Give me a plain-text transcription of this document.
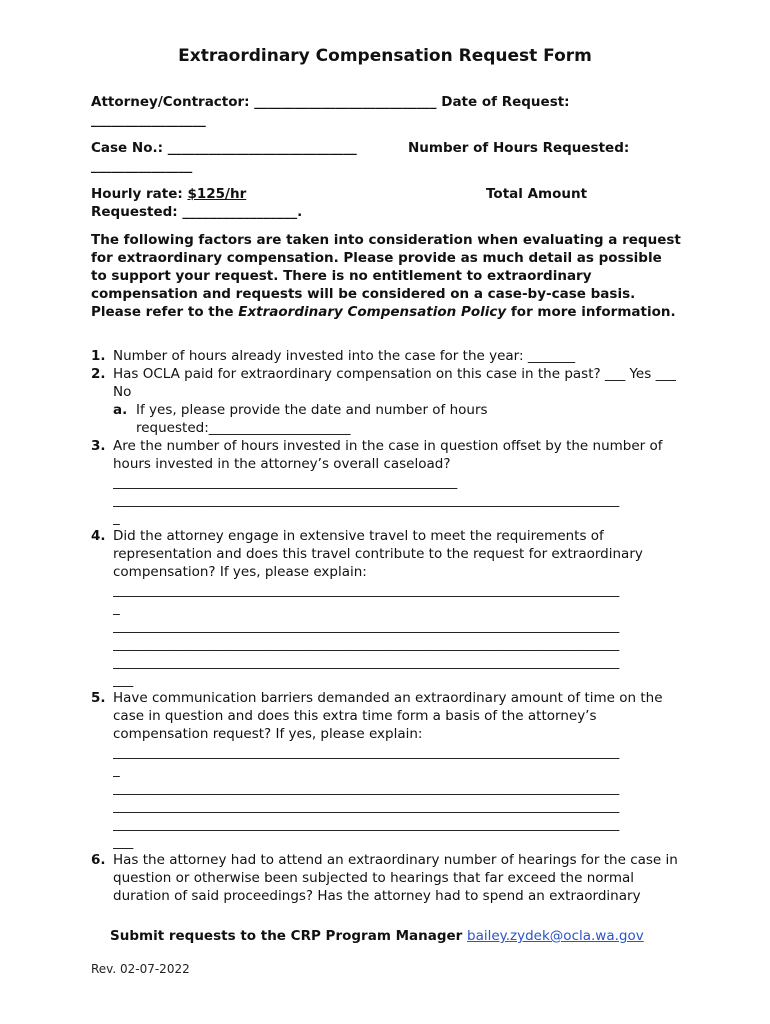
Extraordinary Compensation Request Form
Attorney/Contractor: ___________________________ Date of Request:
_________________
Case No.: ____________________________	Number of Hours Requested:
_______________
Hourly rate: $125/hr	Total Amount
Requested: _________________.

The following factors are taken into consideration when evaluating a request for extraordinary compensation. Please provide as much detail as possible to support your request. There is no entitlement to extraordinary compensation and requests will be considered on a case-by-case basis. Please refer to the Extraordinary Compensation Policy for more information.

1. Number of hours already invested into the case for the year: _______
2. Has OCLA paid for extraordinary compensation on this case in the past? ___ Yes ___ No
a. If yes, please provide the date and number of hours requested:_____________________
3. Are the number of hours invested in the case in question offset by the number of hours invested in the attorney’s overall caseload?
___________________________________________________
___________________________________________________________________________
_
4. Did the attorney engage in extensive travel to meet the requirements of representation and does this travel contribute to the request for extraordinary compensation? If yes, please explain:
___________________________________________________________________________
_
___________________________________________________________________________
___________________________________________________________________________
___________________________________________________________________________
___
5. Have communication barriers demanded an extraordinary amount of time on the case in question and does this extra time form a basis of the attorney’s compensation request? If yes, please explain:
___________________________________________________________________________
_
___________________________________________________________________________
___________________________________________________________________________
___________________________________________________________________________
___
6. Has the attorney had to attend an extraordinary number of hearings for the case in question or otherwise been subjected to hearings that far exceed the normal duration of said proceedings? Has the attorney had to spend an extraordinary
Submit requests to the CRP Program Manager bailey.zydek@ocla.wa.gov
Rev. 02-07-2022
